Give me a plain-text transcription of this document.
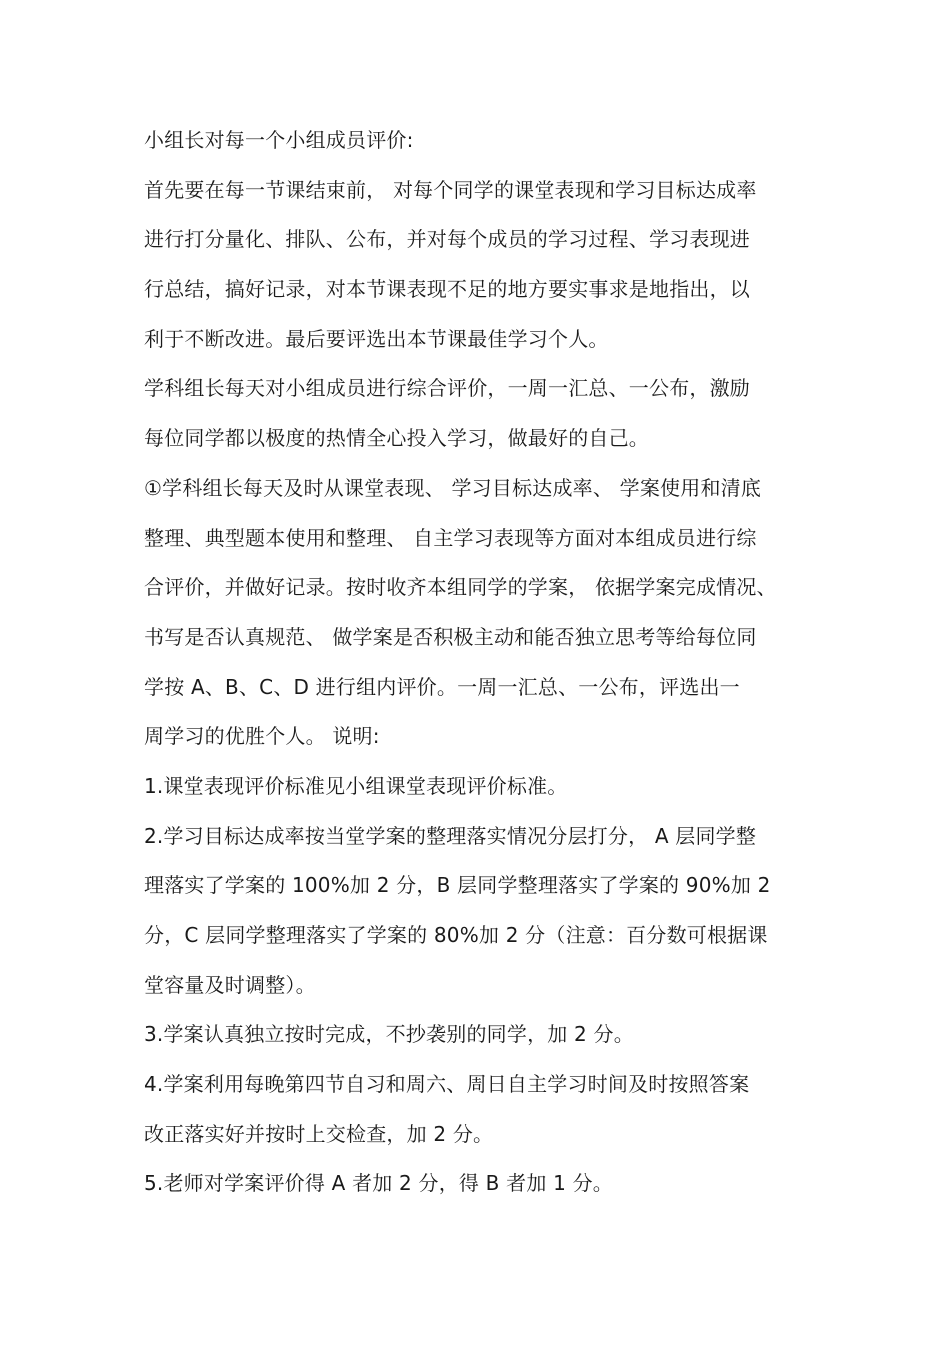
小组长对每一个小组成员评价:
首先要在每一节课结束前， 对每个同学的课堂表现和学习目标达成率
进行打分量化、排队、公布，并对每个成员的学习过程、学习表现进
行总结，搞好记录，对本节课表现不足的地方要实事求是地指出，以
利于不断改进。最后要评选出本节课最佳学习个人。
学科组长每天对小组成员进行综合评价，一周一汇总、一公布，激励
每位同学都以极度的热情全心投入学习，做最好的自己。
①学科组长每天及时从课堂表现、 学习目标达成率、 学案使用和清底
整理、典型题本使用和整理、 自主学习表现等方面对本组成员进行综
合评价，并做好记录。按时收齐本组同学的学案， 依据学案完成情况、
书写是否认真规范、 做学案是否积极主动和能否独立思考等给每位同
学按 A、B、C、D 进行组内评价。一周一汇总、一公布，评选出一
周学习的优胜个人。 说明:
1.课堂表现评价标准见小组课堂表现评价标准。
2.学习目标达成率按当堂学案的整理落实情况分层打分， A 层同学整
理落实了学案的 100%加 2 分，B 层同学整理落实了学案的 90%加 2
分，C 层同学整理落实了学案的 80%加 2 分（注意：百分数可根据课
堂容量及时调整）。
3.学案认真独立按时完成，不抄袭别的同学，加 2 分。
4.学案利用每晚第四节自习和周六、周日自主学习时间及时按照答案
改正落实好并按时上交检查，加 2 分。
5.老师对学案评价得 A 者加 2 分，得 B 者加 1 分。
